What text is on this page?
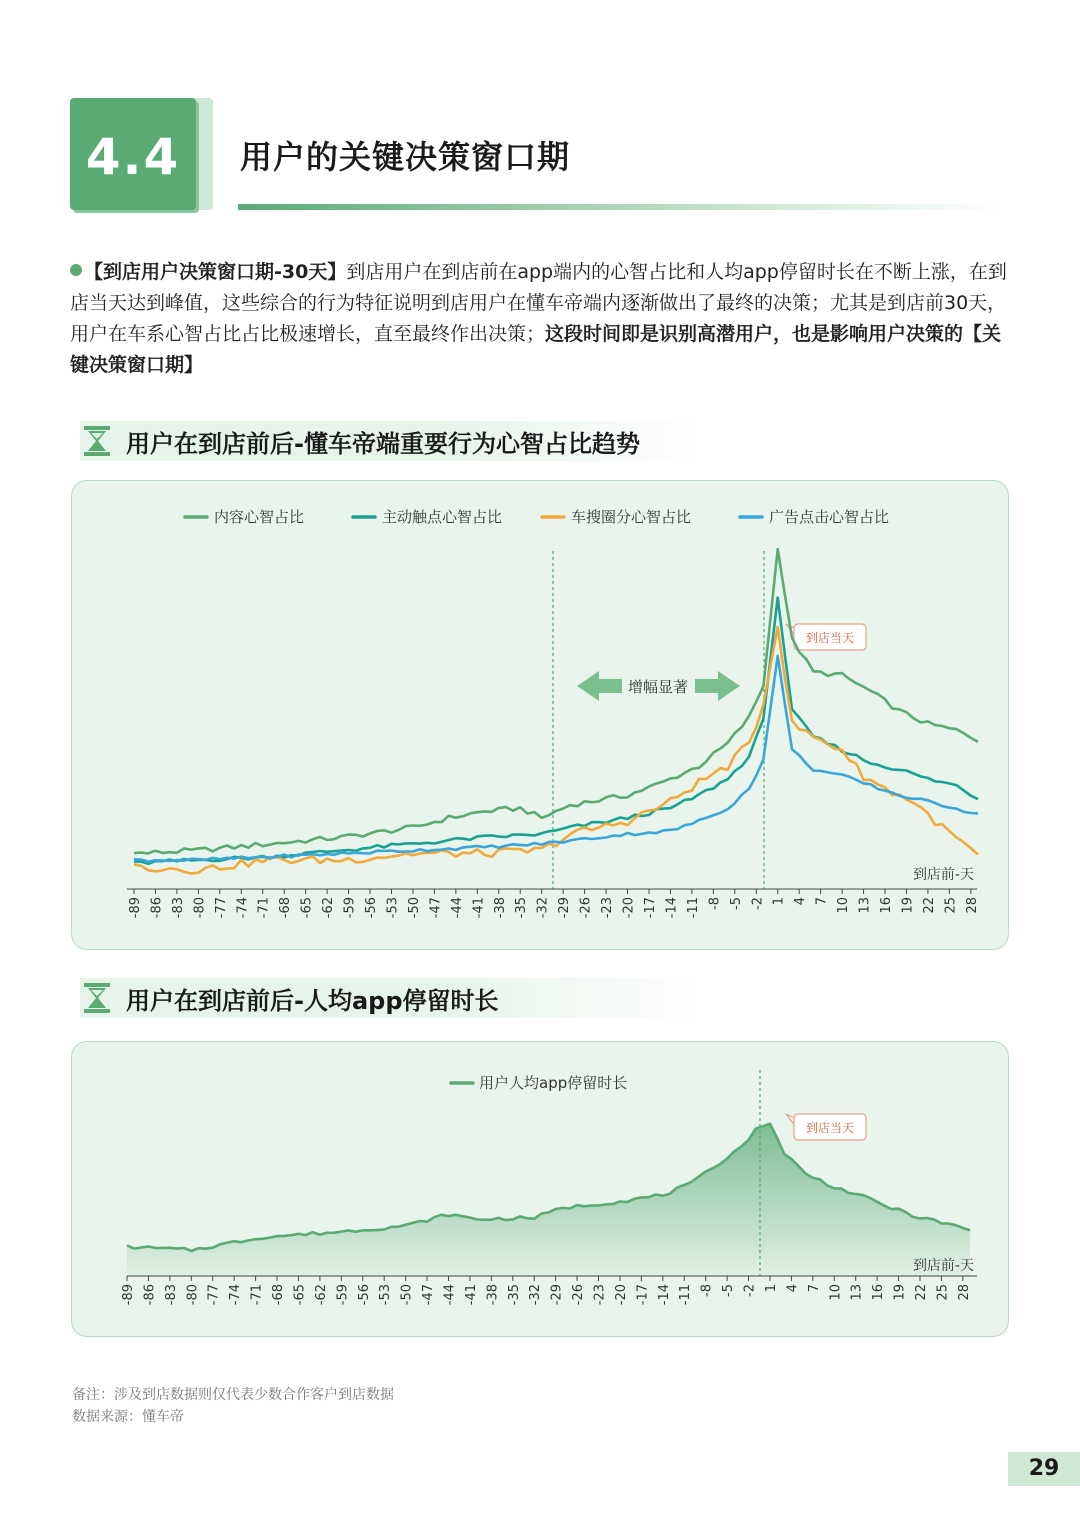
4.4	用户的关键决策窗口期
【到店用户决策窗口期-30天】到店用户在到店前在app端内的心智占比和人均app停留时长在不断上涨，在到店当天达到峰值，这些综合的行为特征说明到店用户在懂车帝端内逐渐做出了最终的决策；尤其是到店前30天，用户在车系心智占比占比极速增长，直至最终作出决策；这段时间即是识别高潜用户，也是影响用户决策的【关键决策窗口期】
用户在到店前后-懂车帝端重要行为心智占比趋势
内容心智占比	主动触点心智占比	车搜圈分心智占比	广告点击心智占比
增幅显著
到店当天
到店前-天
-89 -86 -83 -80 -77 -74 -71 -68 -65 -62 -59 -56 -53 -50 -47 -44 -41 -38 -35 -32 -29 -26 -23 -20 -17 -14 -11 -8 -5 -2 1 4 7 10 13 16 19 22 25 28
用户在到店前后-人均app停留时长
用户人均app停留时长
到店当天
到店前-天
-89 -86 -83 -80 -77 -74 -71 -68 -65 -62 -59 -56 -53 -50 -47 -44 -41 -38 -35 -32 -29 -26 -23 -20 -17 -14 -11 -8 -5 -2 1 4 7 10 13 16 19 22 25 28
备注：涉及到店数据则仅代表少数合作客户到店数据
数据来源：懂车帝
29
